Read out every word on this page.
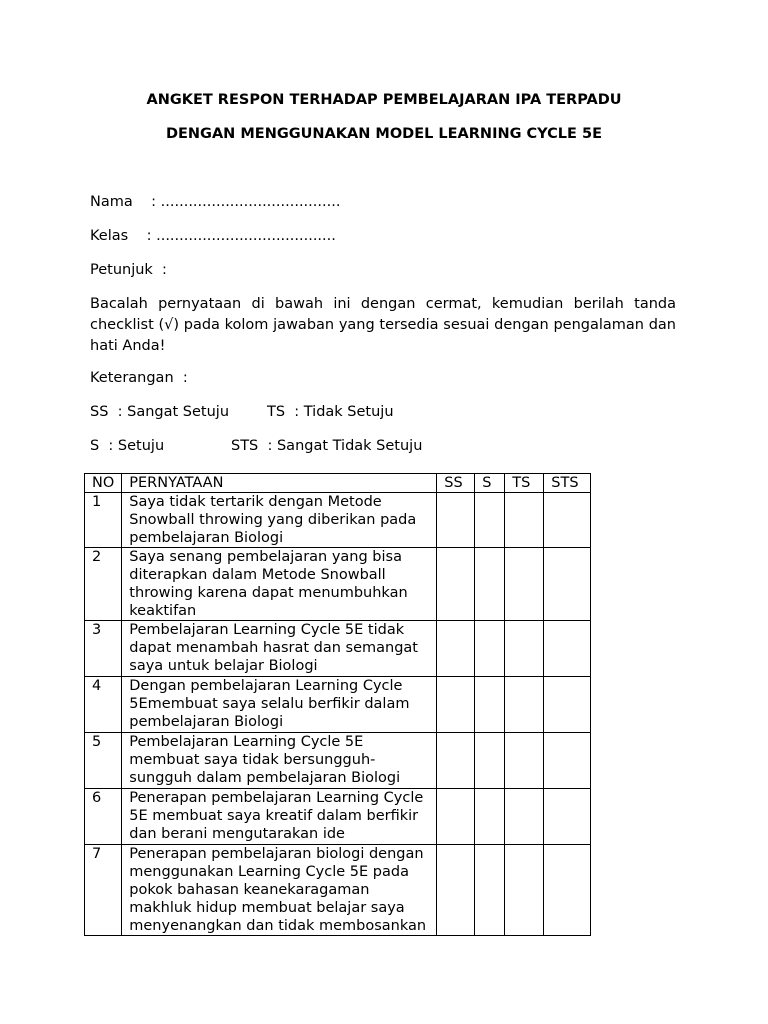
ANGKET RESPON TERHADAP PEMBELAJARAN IPA TERPADU

DENGAN MENGGUNAKAN MODEL LEARNING CYCLE 5E

Nama    : .......................................

Kelas    : .......................................

Petunjuk  :

Bacalah pernyataan di bawah ini dengan cermat, kemudian berilah tanda checklist (√) pada kolom jawaban yang tersedia sesuai dengan pengalaman dan hati Anda!

Keterangan  :

SS  : Sangat Setuju	TS  : Tidak Setuju

S  : Setuju	STS  : Sangat Tidak Setuju

NO	PERNYATAAN	SS	S	TS	STS
1	Saya tidak tertarik dengan Metode Snowball throwing yang diberikan pada pembelajaran Biologi				
2	Saya senang pembelajaran yang bisa diterapkan dalam Metode Snowball throwing karena dapat menumbuhkan keaktifan				
3	Pembelajaran Learning Cycle 5E tidak dapat menambah hasrat dan semangat saya untuk belajar Biologi				
4	Dengan pembelajaran Learning Cycle 5Emembuat saya selalu berfikir dalam pembelajaran Biologi				
5	Pembelajaran Learning Cycle 5E membuat saya tidak bersungguh-sungguh dalam pembelajaran Biologi				
6	Penerapan pembelajaran Learning Cycle 5E membuat saya kreatif dalam berfikir dan berani mengutarakan ide				
7	Penerapan pembelajaran biologi dengan menggunakan Learning Cycle 5E pada pokok bahasan keanekaragaman makhluk hidup membuat belajar saya menyenangkan dan tidak membosankan				
